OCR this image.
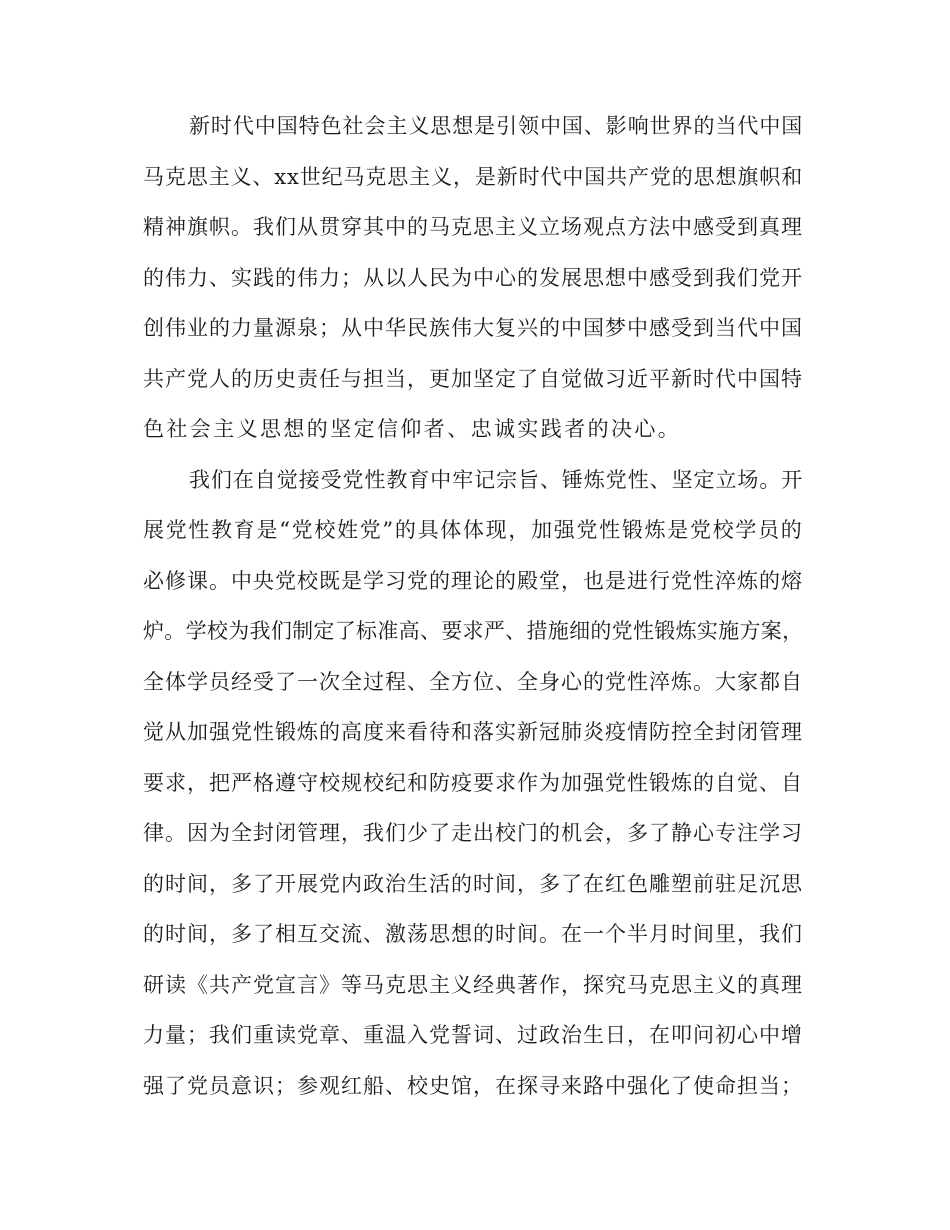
新时代中国特色社会主义思想是引领中国、影响世界的当代中国
马克思主义、xx世纪马克思主义，是新时代中国共产党的思想旗帜和
精神旗帜。我们从贯穿其中的马克思主义立场观点方法中感受到真理
的伟力、实践的伟力；从以人民为中心的发展思想中感受到我们党开
创伟业的力量源泉；从中华民族伟大复兴的中国梦中感受到当代中国
共产党人的历史责任与担当，更加坚定了自觉做习近平新时代中国特
色社会主义思想的坚定信仰者、忠诚实践者的决心。
我们在自觉接受党性教育中牢记宗旨、锤炼党性、坚定立场。开
展党性教育是“党校姓党”的具体体现，加强党性锻炼是党校学员的
必修课。中央党校既是学习党的理论的殿堂，也是进行党性淬炼的熔
炉。学校为我们制定了标准高、要求严、措施细的党性锻炼实施方案，
全体学员经受了一次全过程、全方位、全身心的党性淬炼。大家都自
觉从加强党性锻炼的高度来看待和落实新冠肺炎疫情防控全封闭管理
要求，把严格遵守校规校纪和防疫要求作为加强党性锻炼的自觉、自
律。因为全封闭管理，我们少了走出校门的机会，多了静心专注学习
的时间，多了开展党内政治生活的时间，多了在红色雕塑前驻足沉思
的时间，多了相互交流、激荡思想的时间。在一个半月时间里，我们
研读《共产党宣言》等马克思主义经典著作，探究马克思主义的真理
力量；我们重读党章、重温入党誓词、过政治生日，在叩问初心中增
强了党员意识；参观红船、校史馆，在探寻来路中强化了使命担当；
